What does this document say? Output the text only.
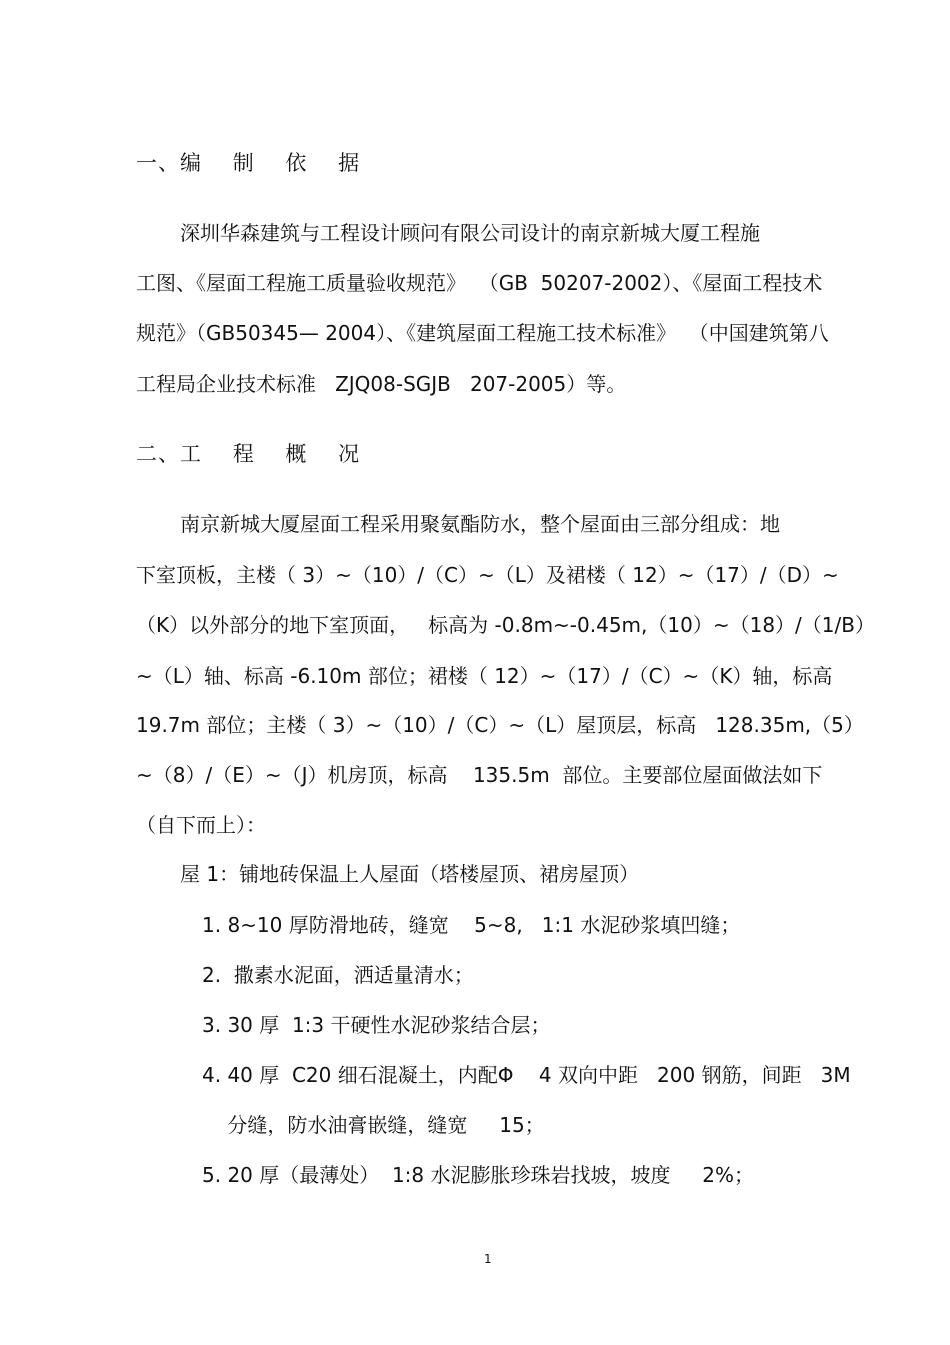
一、编    制    依    据
深圳华森建筑与工程设计顾问有限公司设计的南京新城大厦工程施
工图、《屋面工程施工质量验收规范》  （GB  50207-2002）、《屋面工程技术
规范》（GB50345— 2004）、《建筑屋面工程施工技术标准》  （中国建筑第八
工程局企业技术标准   ZJQ08-SGJB   207-2005）等。
二、工    程    概    况
南京新城大厦屋面工程采用聚氨酯防水，整个屋面由三部分组成：地
下室顶板，主楼（ 3）~（10）/（C）~（L）及裙楼（ 12）~（17）/（D）~
（K）以外部分的地下室顶面，   标高为 -0.8m~-0.45m,（10）~（18）/（1/B）
~（L）轴、标高 -6.10m 部位；裙楼（ 12）~（17）/（C）~（K）轴，标高
19.7m 部位；主楼（ 3）~（10）/（C）~（L）屋顶层，标高   128.35m,（5）
~（8）/（E）~（J）机房顶，标高    135.5m  部位。主要部位屋面做法如下
（自下而上）：
屋 1：铺地砖保温上人屋面（塔楼屋顶、裙房屋顶）
1. 8~10 厚防滑地砖，缝宽    5~8,   1:1 水泥砂浆填凹缝；
2.  撒素水泥面，洒适量清水；
3. 30 厚  1:3 干硬性水泥砂浆结合层；
4. 40 厚  C20 细石混凝土，内配Φ    4 双向中距   200 钢筋，间距   3M
分缝，防水油膏嵌缝，缝宽     15；
5. 20 厚（最薄处）  1:8 水泥膨胀珍珠岩找坡，坡度     2%；
1
